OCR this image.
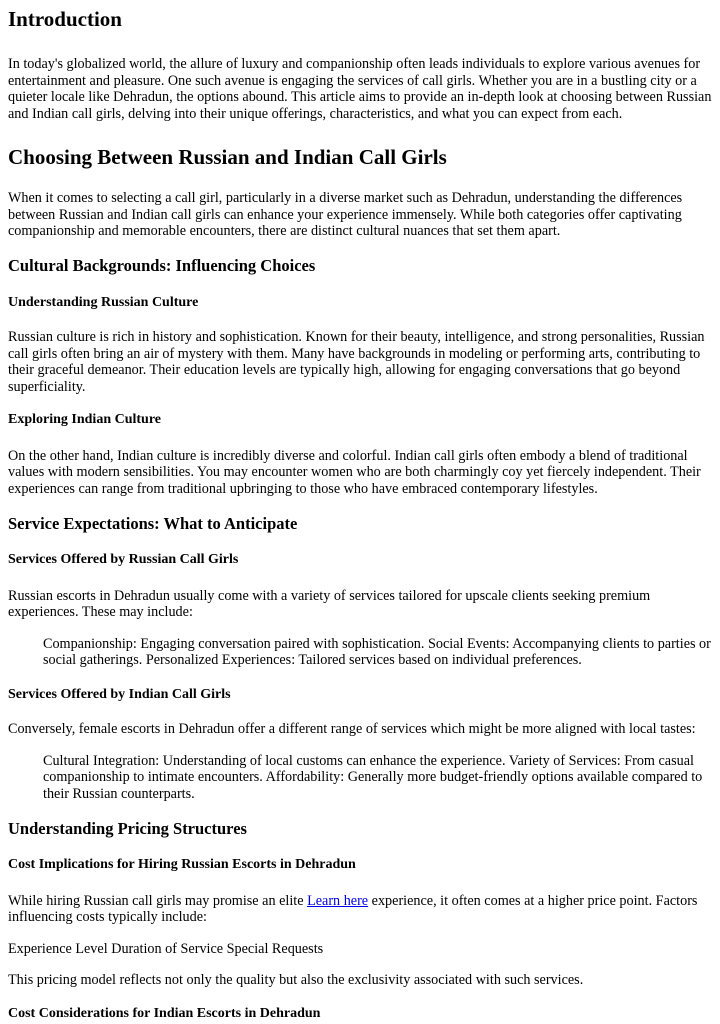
Introduction

In today's globalized world, the allure of luxury and companionship often leads individuals to explore various avenues for entertainment and pleasure. One such avenue is engaging the services of call girls. Whether you are in a bustling city or a quieter locale like Dehradun, the options abound. This article aims to provide an in-depth look at choosing between Russian and Indian call girls, delving into their unique offerings, characteristics, and what you can expect from each.

Choosing Between Russian and Indian Call Girls

When it comes to selecting a call girl, particularly in a diverse market such as Dehradun, understanding the differences between Russian and Indian call girls can enhance your experience immensely. While both categories offer captivating companionship and memorable encounters, there are distinct cultural nuances that set them apart.

Cultural Backgrounds: Influencing Choices
Understanding Russian Culture

Russian culture is rich in history and sophistication. Known for their beauty, intelligence, and strong personalities, Russian call girls often bring an air of mystery with them. Many have backgrounds in modeling or performing arts, contributing to their graceful demeanor. Their education levels are typically high, allowing for engaging conversations that go beyond superficiality.

Exploring Indian Culture

On the other hand, Indian culture is incredibly diverse and colorful. Indian call girls often embody a blend of traditional values with modern sensibilities. You may encounter women who are both charmingly coy yet fiercely independent. Their experiences can range from traditional upbringing to those who have embraced contemporary lifestyles.

Service Expectations: What to Anticipate
Services Offered by Russian Call Girls

Russian escorts in Dehradun usually come with a variety of services tailored for upscale clients seeking premium experiences. These may include:

Companionship: Engaging conversation paired with sophistication. Social Events: Accompanying clients to parties or social gatherings. Personalized Experiences: Tailored services based on individual preferences.

Services Offered by Indian Call Girls

Conversely, female escorts in Dehradun offer a different range of services which might be more aligned with local tastes:

Cultural Integration: Understanding of local customs can enhance the experience. Variety of Services: From casual companionship to intimate encounters. Affordability: Generally more budget-friendly options available compared to their Russian counterparts.

Understanding Pricing Structures
Cost Implications for Hiring Russian Escorts in Dehradun

While hiring Russian call girls may promise an elite Learn here experience, it often comes at a higher price point. Factors influencing costs typically include:

Experience Level Duration of Service Special Requests

This pricing model reflects not only the quality but also the exclusivity associated with such services.

Cost Considerations for Indian Escorts in Dehradun
